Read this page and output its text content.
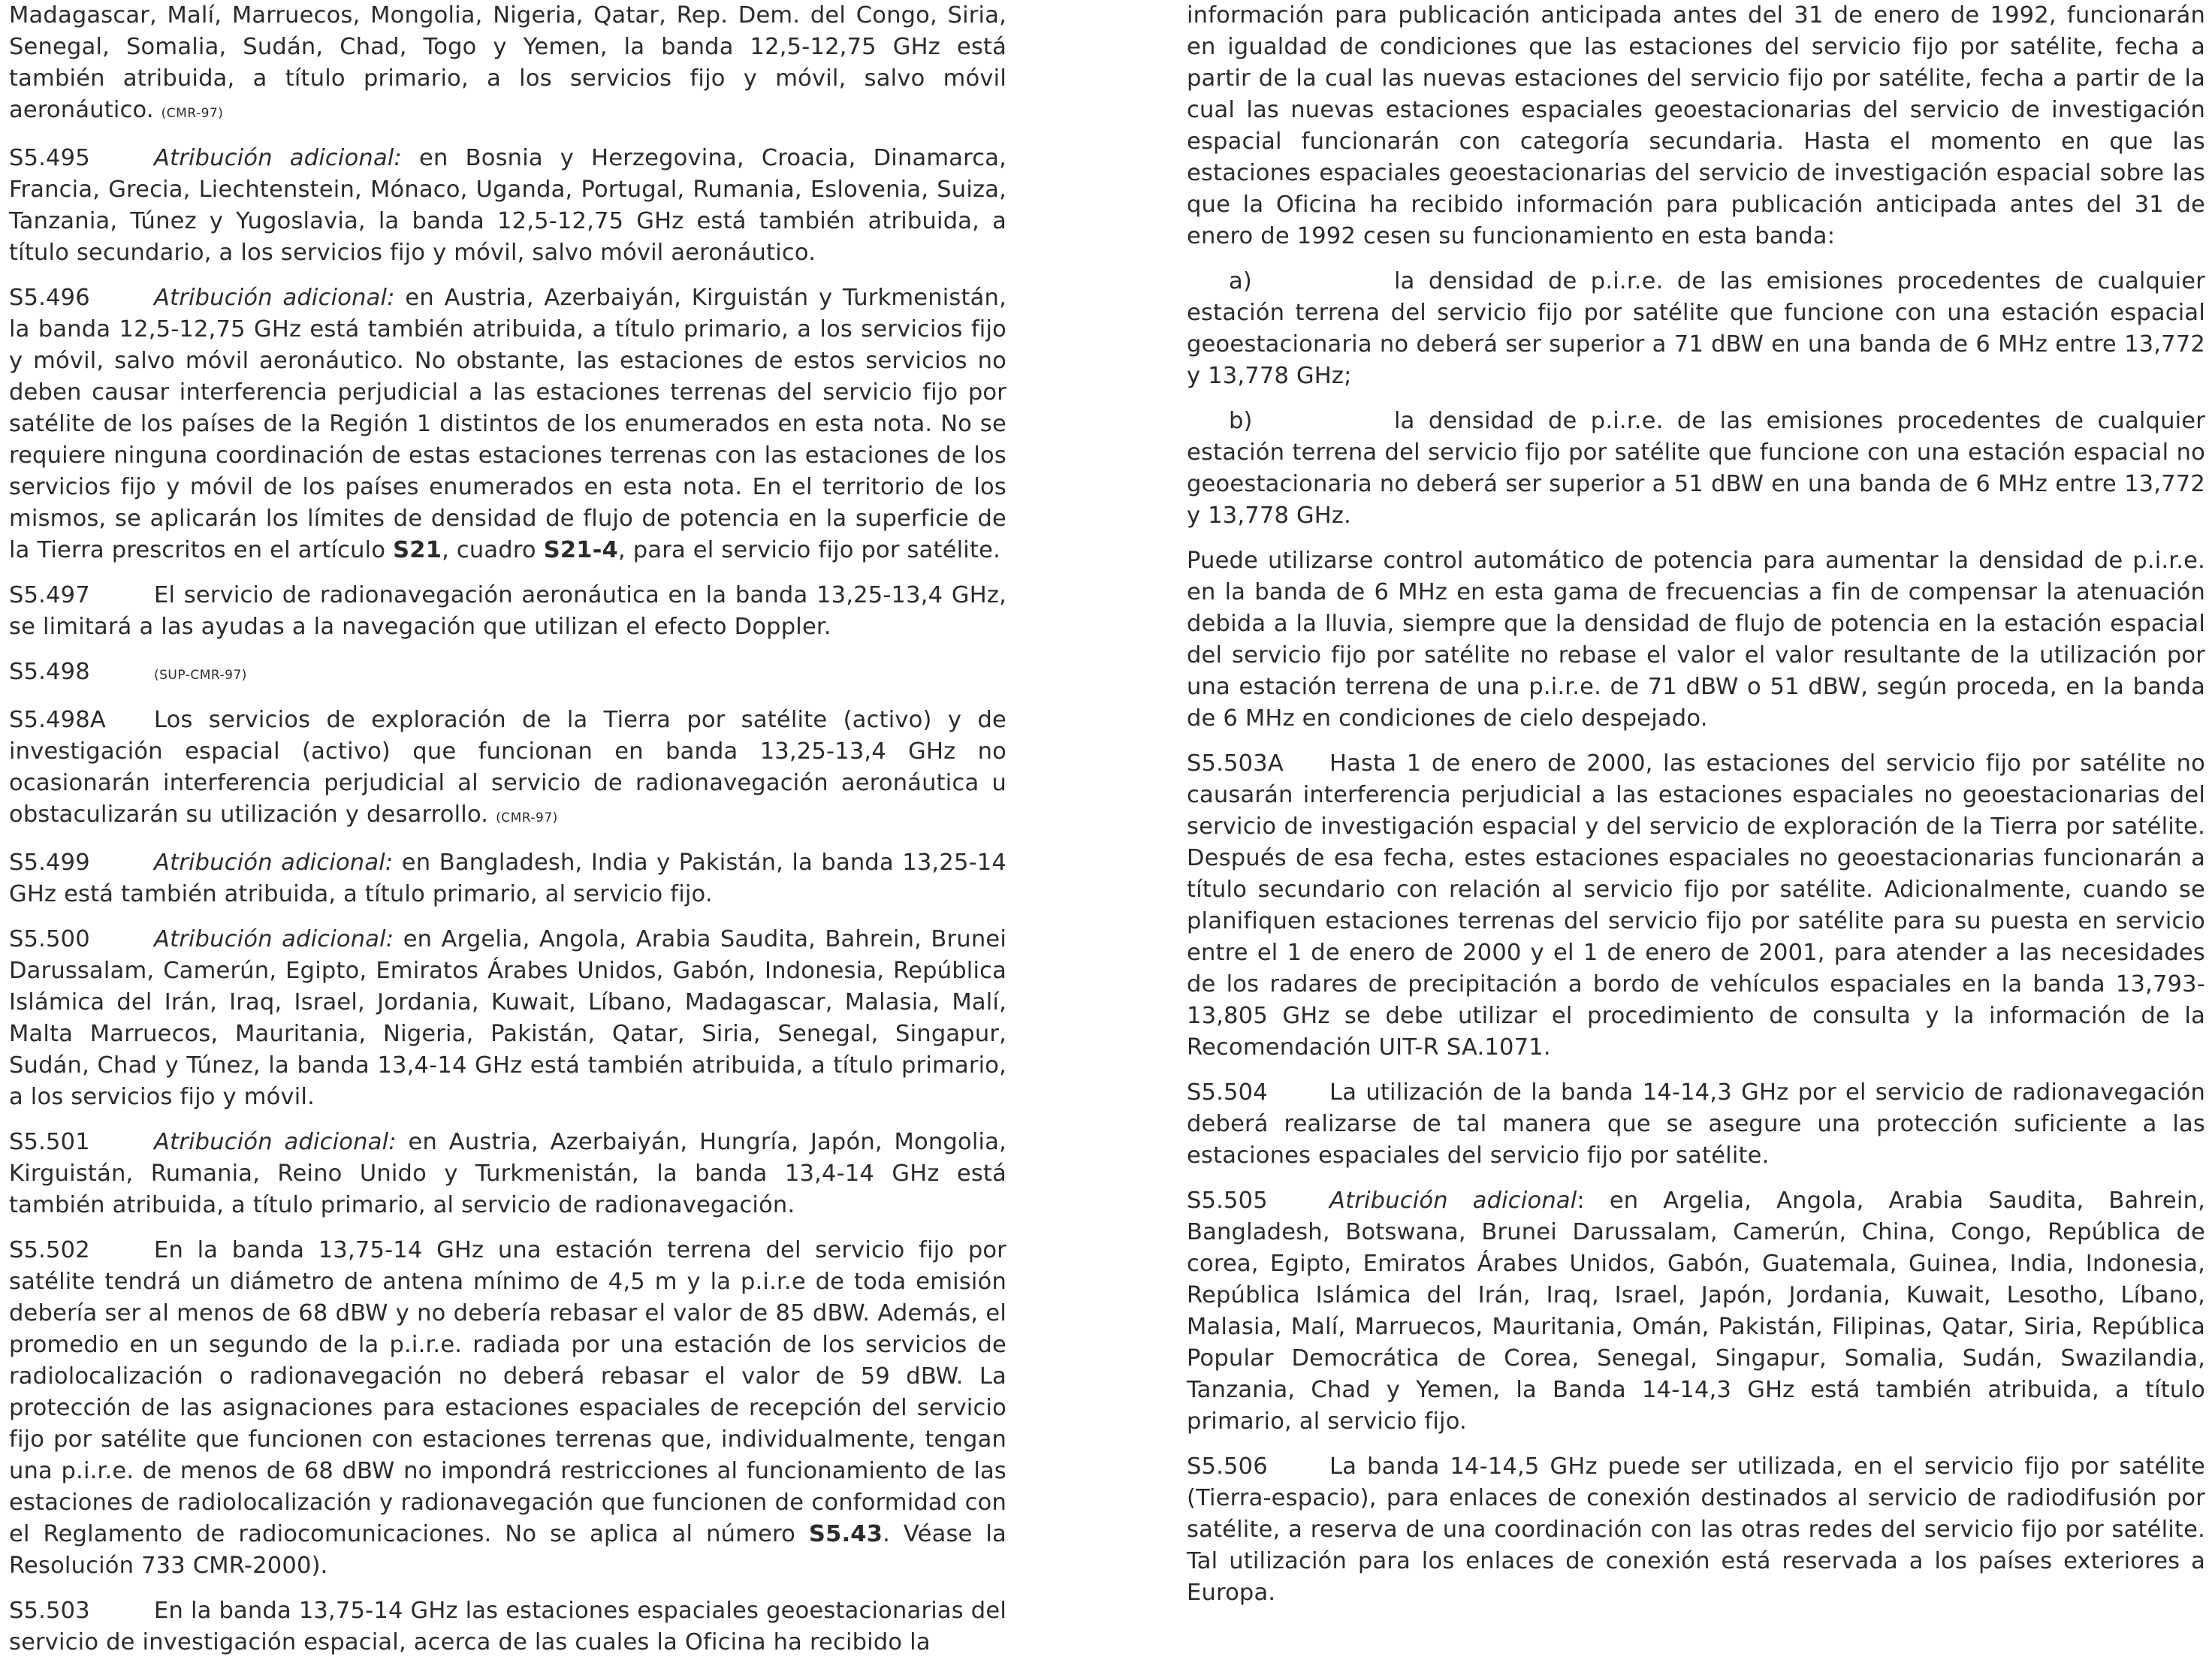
Madagascar, Malí, Marruecos, Mongolia, Nigeria, Qatar, Rep. Dem. del Congo, Siria, Senegal, Somalia, Sudán, Chad, Togo y Yemen, la banda 12,5-12,75 GHz está también atribuida, a título primario, a los servicios fijo y móvil, salvo móvil aeronáutico. (CMR-97)

S5.495	Atribución adicional: en Bosnia y Herzegovina, Croacia, Dinamarca, Francia, Grecia, Liechtenstein, Mónaco, Uganda, Portugal, Rumania, Eslovenia, Suiza, Tanzania, Túnez y Yugoslavia, la banda 12,5-12,75 GHz está también atribuida, a título secundario, a los servicios fijo y móvil, salvo móvil aeronáutico.

S5.496	Atribución adicional: en Austria, Azerbaiyán, Kirguistán y Turkmenistán, la banda 12,5-12,75 GHz está también atribuida, a título primario, a los servicios fijo y móvil, salvo móvil aeronáutico. No obstante, las estaciones de estos servicios no deben causar interferencia perjudicial a las estaciones terrenas del servicio fijo por satélite de los países de la Región 1 distintos de los enumerados en esta nota. No se requiere ninguna coordinación de estas estaciones terrenas con las estaciones de los servicios fijo y móvil de los países enumerados en esta nota. En el territorio de los mismos, se aplicarán los límites de densidad de flujo de potencia en la superficie de la Tierra prescritos en el artículo S21, cuadro S21-4, para el servicio fijo por satélite.

S5.497	El servicio de radionavegación aeronáutica en la banda 13,25-13,4 GHz, se limitará a las ayudas a la navegación que utilizan el efecto Doppler.

S5.498	(SUP-CMR-97)

S5.498A Los servicios de exploración de la Tierra por satélite (activo) y de investigación espacial (activo) que funcionan en banda 13,25-13,4 GHz no ocasionarán interferencia perjudicial al servicio de radionavegación aeronáutica u obstaculizarán su utilización y desarrollo. (CMR-97)

S5.499	Atribución adicional: en Bangladesh, India y Pakistán, la banda 13,25-14 GHz está también atribuida, a título primario, al servicio fijo.

S5.500	Atribución adicional: en Argelia, Angola, Arabia Saudita, Bahrein, Brunei Darussalam, Camerún, Egipto, Emiratos Árabes Unidos, Gabón, Indonesia, República Islámica del Irán, Iraq, Israel, Jordania, Kuwait, Líbano, Madagascar, Malasia, Malí, Malta Marruecos, Mauritania, Nigeria, Pakistán, Qatar, Siria, Senegal, Singapur, Sudán, Chad y Túnez, la banda 13,4-14 GHz está también atribuida, a título primario, a los servicios fijo y móvil.

S5.501	Atribución adicional: en Austria, Azerbaiyán, Hungría, Japón, Mongolia, Kirguistán, Rumania, Reino Unido y Turkmenistán, la banda 13,4-14 GHz está también atribuida, a título primario, al servicio de radionavegación.

S5.502	En la banda 13,75-14 GHz una estación terrena del servicio fijo por satélite tendrá un diámetro de antena mínimo de 4,5 m y la p.i.r.e de toda emisión debería ser al menos de 68 dBW y no debería rebasar el valor de 85 dBW. Además, el promedio en un segundo de la p.i.r.e. radiada por una estación de los servicios de radiolocalización o radionavegación no deberá rebasar el valor de 59 dBW. La protección de las asignaciones para estaciones espaciales de recepción del servicio fijo por satélite que funcionen con estaciones terrenas que, individualmente, tengan una p.i.r.e. de menos de 68 dBW no impondrá restricciones al funcionamiento de las estaciones de radiolocalización y radionavegación que funcionen de conformidad con el Reglamento de radiocomunicaciones. No se aplica al número S5.43. Véase la Resolución 733 CMR-2000).

S5.503	En la banda 13,75-14 GHz las estaciones espaciales geoestacionarias del servicio de investigación espacial, acerca de las cuales la Oficina ha recibido la

información para publicación anticipada antes del 31 de enero de 1992, funcionarán en igualdad de condiciones que las estaciones del servicio fijo por satélite, fecha a partir de la cual las nuevas estaciones del servicio fijo por satélite, fecha a partir de la cual las nuevas estaciones espaciales geoestacionarias del servicio de investigación espacial funcionarán con categoría secundaria. Hasta el momento en que las estaciones espaciales geoestacionarias del servicio de investigación espacial sobre las que la Oficina ha recibido información para publicación anticipada antes del 31 de enero de 1992 cesen su funcionamiento en esta banda:

a)	la densidad de p.i.r.e. de las emisiones procedentes de cualquier estación terrena del servicio fijo por satélite que funcione con una estación espacial geoestacionaria no deberá ser superior a 71 dBW en una banda de 6 MHz entre 13,772 y 13,778 GHz;

b)	la densidad de p.i.r.e. de las emisiones procedentes de cualquier estación terrena del servicio fijo por satélite que funcione con una estación espacial no geoestacionaria no deberá ser superior a 51 dBW en una banda de 6 MHz entre 13,772 y 13,778 GHz.

Puede utilizarse control automático de potencia para aumentar la densidad de p.i.r.e. en la banda de 6 MHz en esta gama de frecuencias a fin de compensar la atenuación debida a la lluvia, siempre que la densidad de flujo de potencia en la estación espacial del servicio fijo por satélite no rebase el valor el valor resultante de la utilización por una estación terrena de una p.i.r.e. de 71 dBW o 51 dBW, según proceda, en la banda de 6 MHz en condiciones de cielo despejado.

S5.503A Hasta 1 de enero de 2000, las estaciones del servicio fijo por satélite no causarán interferencia perjudicial a las estaciones espaciales no geoestacionarias del servicio de investigación espacial y del servicio de exploración de la Tierra por satélite. Después de esa fecha, estes estaciones espaciales no geoestacionarias funcionarán a título secundario con relación al servicio fijo por satélite. Adicionalmente, cuando se planifiquen estaciones terrenas del servicio fijo por satélite para su puesta en servicio entre el 1 de enero de 2000 y el 1 de enero de 2001, para atender a las necesidades de los radares de precipitación a bordo de vehículos espaciales en la banda 13,793-13,805 GHz se debe utilizar el procedimiento de consulta y la información de la Recomendación UIT-R SA.1071.

S5.504	La utilización de la banda 14-14,3 GHz por el servicio de radionavegación deberá realizarse de tal manera que se asegure una protección suficiente a las estaciones espaciales del servicio fijo por satélite.

S5.505	Atribución adicional: en Argelia, Angola, Arabia Saudita, Bahrein, Bangladesh, Botswana, Brunei Darussalam, Camerún, China, Congo, República de corea, Egipto, Emiratos Árabes Unidos, Gabón, Guatemala, Guinea, India, Indonesia, República Islámica del Irán, Iraq, Israel, Japón, Jordania, Kuwait, Lesotho, Líbano, Malasia, Malí, Marruecos, Mauritania, Omán, Pakistán, Filipinas, Qatar, Siria, República Popular Democrática de Corea, Senegal, Singapur, Somalia, Sudán, Swazilandia, Tanzania, Chad y Yemen, la Banda 14-14,3 GHz está también atribuida, a título primario, al servicio fijo.

S5.506	La banda 14-14,5 GHz puede ser utilizada, en el servicio fijo por satélite (Tierra-espacio), para enlaces de conexión destinados al servicio de radiodifusión por satélite, a reserva de una coordinación con las otras redes del servicio fijo por satélite. Tal utilización para los enlaces de conexión está reservada a los países exteriores a Europa.
